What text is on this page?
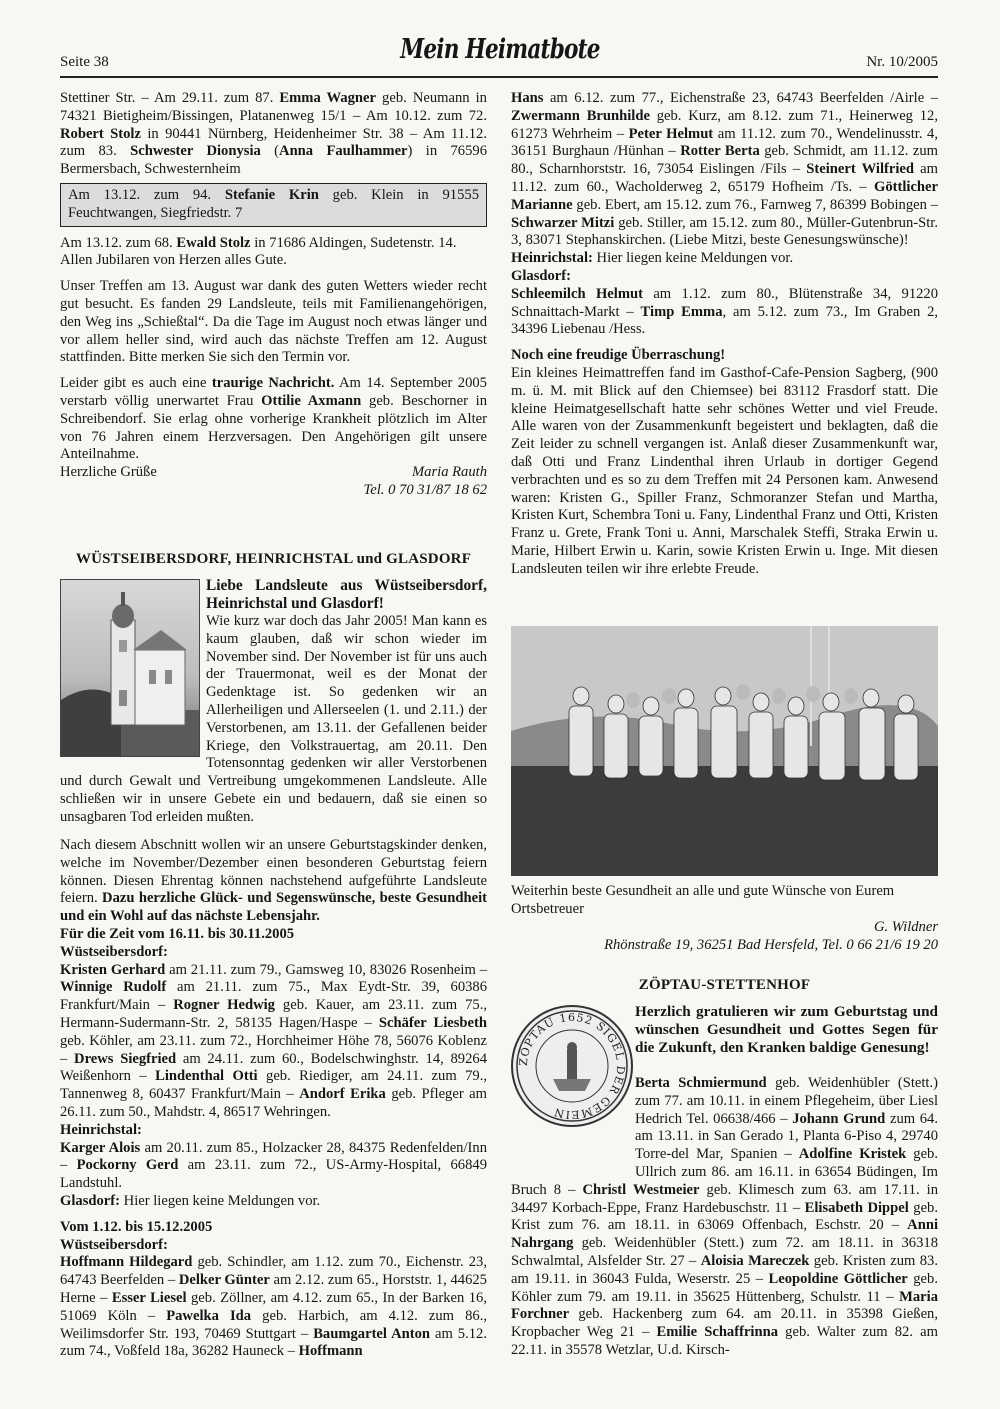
Seite 38	Mein Heimatbote	Nr. 10/2005

Stettiner Str. – Am 29.11. zum 87. Emma Wagner geb. Neumann in 74321 Bietigheim/Bissingen, Platanenweg 15/1 – Am 10.12. zum 72. Robert Stolz in 90441 Nürnberg, Heidenheimer Str. 38 – Am 11.12. zum 83. Schwester Dionysia (Anna Faulhammer) in 76596 Bermersbach, Schwesternheim

Am 13.12. zum 94. Stefanie Krin geb. Klein in 91555 Feuchtwangen, Siegfriedstr. 7

Am 13.12. zum 68. Ewald Stolz in 71686 Aldingen, Sudetenstr. 14.

Allen Jubilaren von Herzen alles Gute.

Unser Treffen am 13. August war dank des guten Wetters wieder recht gut besucht. Es fanden 29 Landsleute, teils mit Familienangehörigen, den Weg ins „Schießtal“. Da die Tage im August noch etwas länger und vor allem heller sind, wird auch das nächste Treffen am 12. August stattfinden. Bitte merken Sie sich den Termin vor.

Leider gibt es auch eine traurige Nachricht. Am 14. September 2005 verstarb völlig unerwartet Frau Ottilie Axmann geb. Beschorner in Schreibendorf. Sie erlag ohne vorherige Krankheit plötzlich im Alter von 76 Jahren einem Herzversagen. Den Angehörigen gilt unsere Anteilnahme.

Herzliche Grüße	Maria Rauth
Tel. 0 70 31/87 18 62
WÜSTSEIBERSDORF, HEINRICHSTAL und GLASDORF
Liebe Landsleute aus Wüstseibersdorf, Heinrichstal und Glasdorf!
Wie kurz war doch das Jahr 2005! Man kann es kaum glauben, daß wir schon wieder im November sind. Der November ist für uns auch der Trauermonat, weil es der Monat der Gedenktage ist. So gedenken wir an Allerheiligen und Allerseelen (1. und 2.11.) der Verstorbenen, am 13.11. der Gefallenen beider Kriege, den Volkstrauertag, am 20.11. Den Totensonntag gedenken wir aller Verstorbenen und durch Gewalt und Vertreibung umgekommenen Landsleute. Alle schließen wir in unsere Gebete ein und bedauern, daß sie einen so unsagbaren Tod erleiden mußten.

Nach diesem Abschnitt wollen wir an unsere Geburtstagskinder denken, welche im November/Dezember einen besonderen Geburtstag feiern können. Diesen Ehrentag können nachstehend aufgeführte Landsleute feiern. Dazu herzliche Glück- und Segenswünsche, beste Gesundheit und ein Wohl auf das nächste Lebensjahr.

Für die Zeit vom 16.11. bis 30.11.2005
Wüstseibersdorf:

Kristen Gerhard am 21.11. zum 79., Gamsweg 10, 83026 Rosenheim – Winnige Rudolf am 21.11. zum 75., Max Eydt-Str. 39, 60386 Frankfurt/Main – Rogner Hedwig geb. Kauer, am 23.11. zum 75., Hermann-Sudermann-Str. 2, 58135 Hagen/Haspe – Schäfer Liesbeth geb. Köhler, am 23.11. zum 72., Horchheimer Höhe 78, 56076 Koblenz – Drews Siegfried am 24.11. zum 60., Bodelschwinghstr. 14, 89264 Weißenhorn – Lindenthal Otti geb. Riediger, am 24.11. zum 79., Tannenweg 8, 60437 Frankfurt/Main – Andorf Erika geb. Pfleger am 26.11. zum 50., Mahdstr. 4, 86517 Wehringen.

Heinrichstal:

Karger Alois am 20.11. zum 85., Holzacker 28, 84375 Redenfelden/Inn – Pockorny Gerd am 23.11. zum 72., US-Army-Hospital, 66849 Landstuhl.

Glasdorf: Hier liegen keine Meldungen vor.

Vom 1.12. bis 15.12.2005
Wüstseibersdorf:

Hoffmann Hildegard geb. Schindler, am 1.12. zum 70., Eichenstr. 23, 64743 Beerfelden – Delker Günter am 2.12. zum 65., Horststr. 1, 44625 Herne – Esser Liesel geb. Zöllner, am 4.12. zum 65., In der Barken 16, 51069 Köln – Pawelka Ida geb. Harbich, am 4.12. zum 86., Weilimsdorfer Str. 193, 70469 Stuttgart – Baumgartel Anton am 5.12. zum 74., Voßfeld 18a, 36282 Hauneck – Hoffmann

Hans am 6.12. zum 77., Eichenstraße 23, 64743 Beerfelden /Airle – Zwermann Brunhilde geb. Kurz, am 8.12. zum 71., Heinerweg 12, 61273 Wehrheim – Peter Helmut am 11.12. zum 70., Wendelinusstr. 4, 36151 Burghaun /Hünhan – Rotter Berta geb. Schmidt, am 11.12. zum 80., Scharnhorststr. 16, 73054 Eislingen /Fils – Steinert Wilfried am 11.12. zum 60., Wacholderweg 2, 65179 Hofheim /Ts. – Göttlicher Marianne geb. Ebert, am 15.12. zum 76., Farnweg 7, 86399 Bobingen – Schwarzer Mitzi geb. Stiller, am 15.12. zum 80., Müller-Gutenbrun-Str. 3, 83071 Stephanskirchen. (Liebe Mitzi, beste Genesungswünsche)!

Heinrichstal: Hier liegen keine Meldungen vor.

Glasdorf:

Schleemilch Helmut am 1.12. zum 80., Blütenstraße 34, 91220 Schnaittach-Markt – Timp Emma, am 5.12. zum 73., Im Graben 2, 34396 Liebenau /Hess.

Noch eine freudige Überraschung!

Ein kleines Heimattreffen fand im Gasthof-Cafe-Pension Sagberg, (900 m. ü. M. mit Blick auf den Chiemsee) bei 83112 Frasdorf statt. Die kleine Heimatgesellschaft hatte sehr schönes Wetter und viel Freude. Alle waren von der Zusammenkunft begeistert und beklagten, daß die Zeit leider zu schnell vergangen ist. Anlaß dieser Zusammenkunft war, daß Otti und Franz Lindenthal ihren Urlaub in dortiger Gegend verbrachten und es so zu dem Treffen mit 24 Personen kam. Anwesend waren: Kristen G., Spiller Franz, Schmoranzer Stefan und Martha, Kristen Kurt, Schembra Toni u. Fany, Lindenthal Franz und Otti, Kristen Franz u. Grete, Frank Toni u. Anni, Marschalek Steffi, Straka Erwin u. Marie, Hilbert Erwin u. Karin, sowie Kristen Erwin u. Inge. Mit diesen Landsleuten teilen wir ihre erlebte Freude.

Weiterhin beste Gesundheit an alle und gute Wünsche von Eurem Ortsbetreuer
G. Wildner
Rhönstraße 19, 36251 Bad Hersfeld, Tel. 0 66 21/6 19 20
ZÖPTAU-STETTENHOF
ZÖPTAU 1652 SIGEL DER GEMEIN
Herzlich gratulieren wir zum Geburtstag und wünschen Gesundheit und Gottes Segen für die Zukunft, den Kranken baldige Genesung!
Berta Schmiermund geb. Weidenhübler (Stett.) zum 77. am 10.11. in einem Pflegeheim, über Liesl Hedrich Tel. 06638/466 – Johann Grund zum 64. am 13.11. in San Gerado 1, Planta 6-Piso 4, 29740 Torre-del Mar, Spanien – Adolfine Kristek geb. Ullrich zum 86. am 16.11. in 63654 Büdingen, Im Bruch 8 – Christl Westmeier geb. Klimesch zum 63. am 17.11. in 34497 Korbach-Eppe, Franz Hardebuschstr. 11 – Elisabeth Dippel geb. Krist zum 76. am 18.11. in 63069 Offenbach, Eschstr. 20 – Anni Nahrgang geb. Weidenhübler (Stett.) zum 72. am 18.11. in 36318 Schwalmtal, Alsfelder Str. 27 – Aloisia Mareczek geb. Kristen zum 83. am 19.11. in 36043 Fulda, Weserstr. 25 – Leopoldine Göttlicher geb. Köhler zum 79. am 19.11. in 35625 Hüttenberg, Schulstr. 11 – Maria Forchner geb. Hackenberg zum 64. am 20.11. in 35398 Gießen, Kropbacher Weg 21 – Emilie Schaffrinna geb. Walter zum 82. am 22.11. in 35578 Wetzlar, U.d. Kirsch-
